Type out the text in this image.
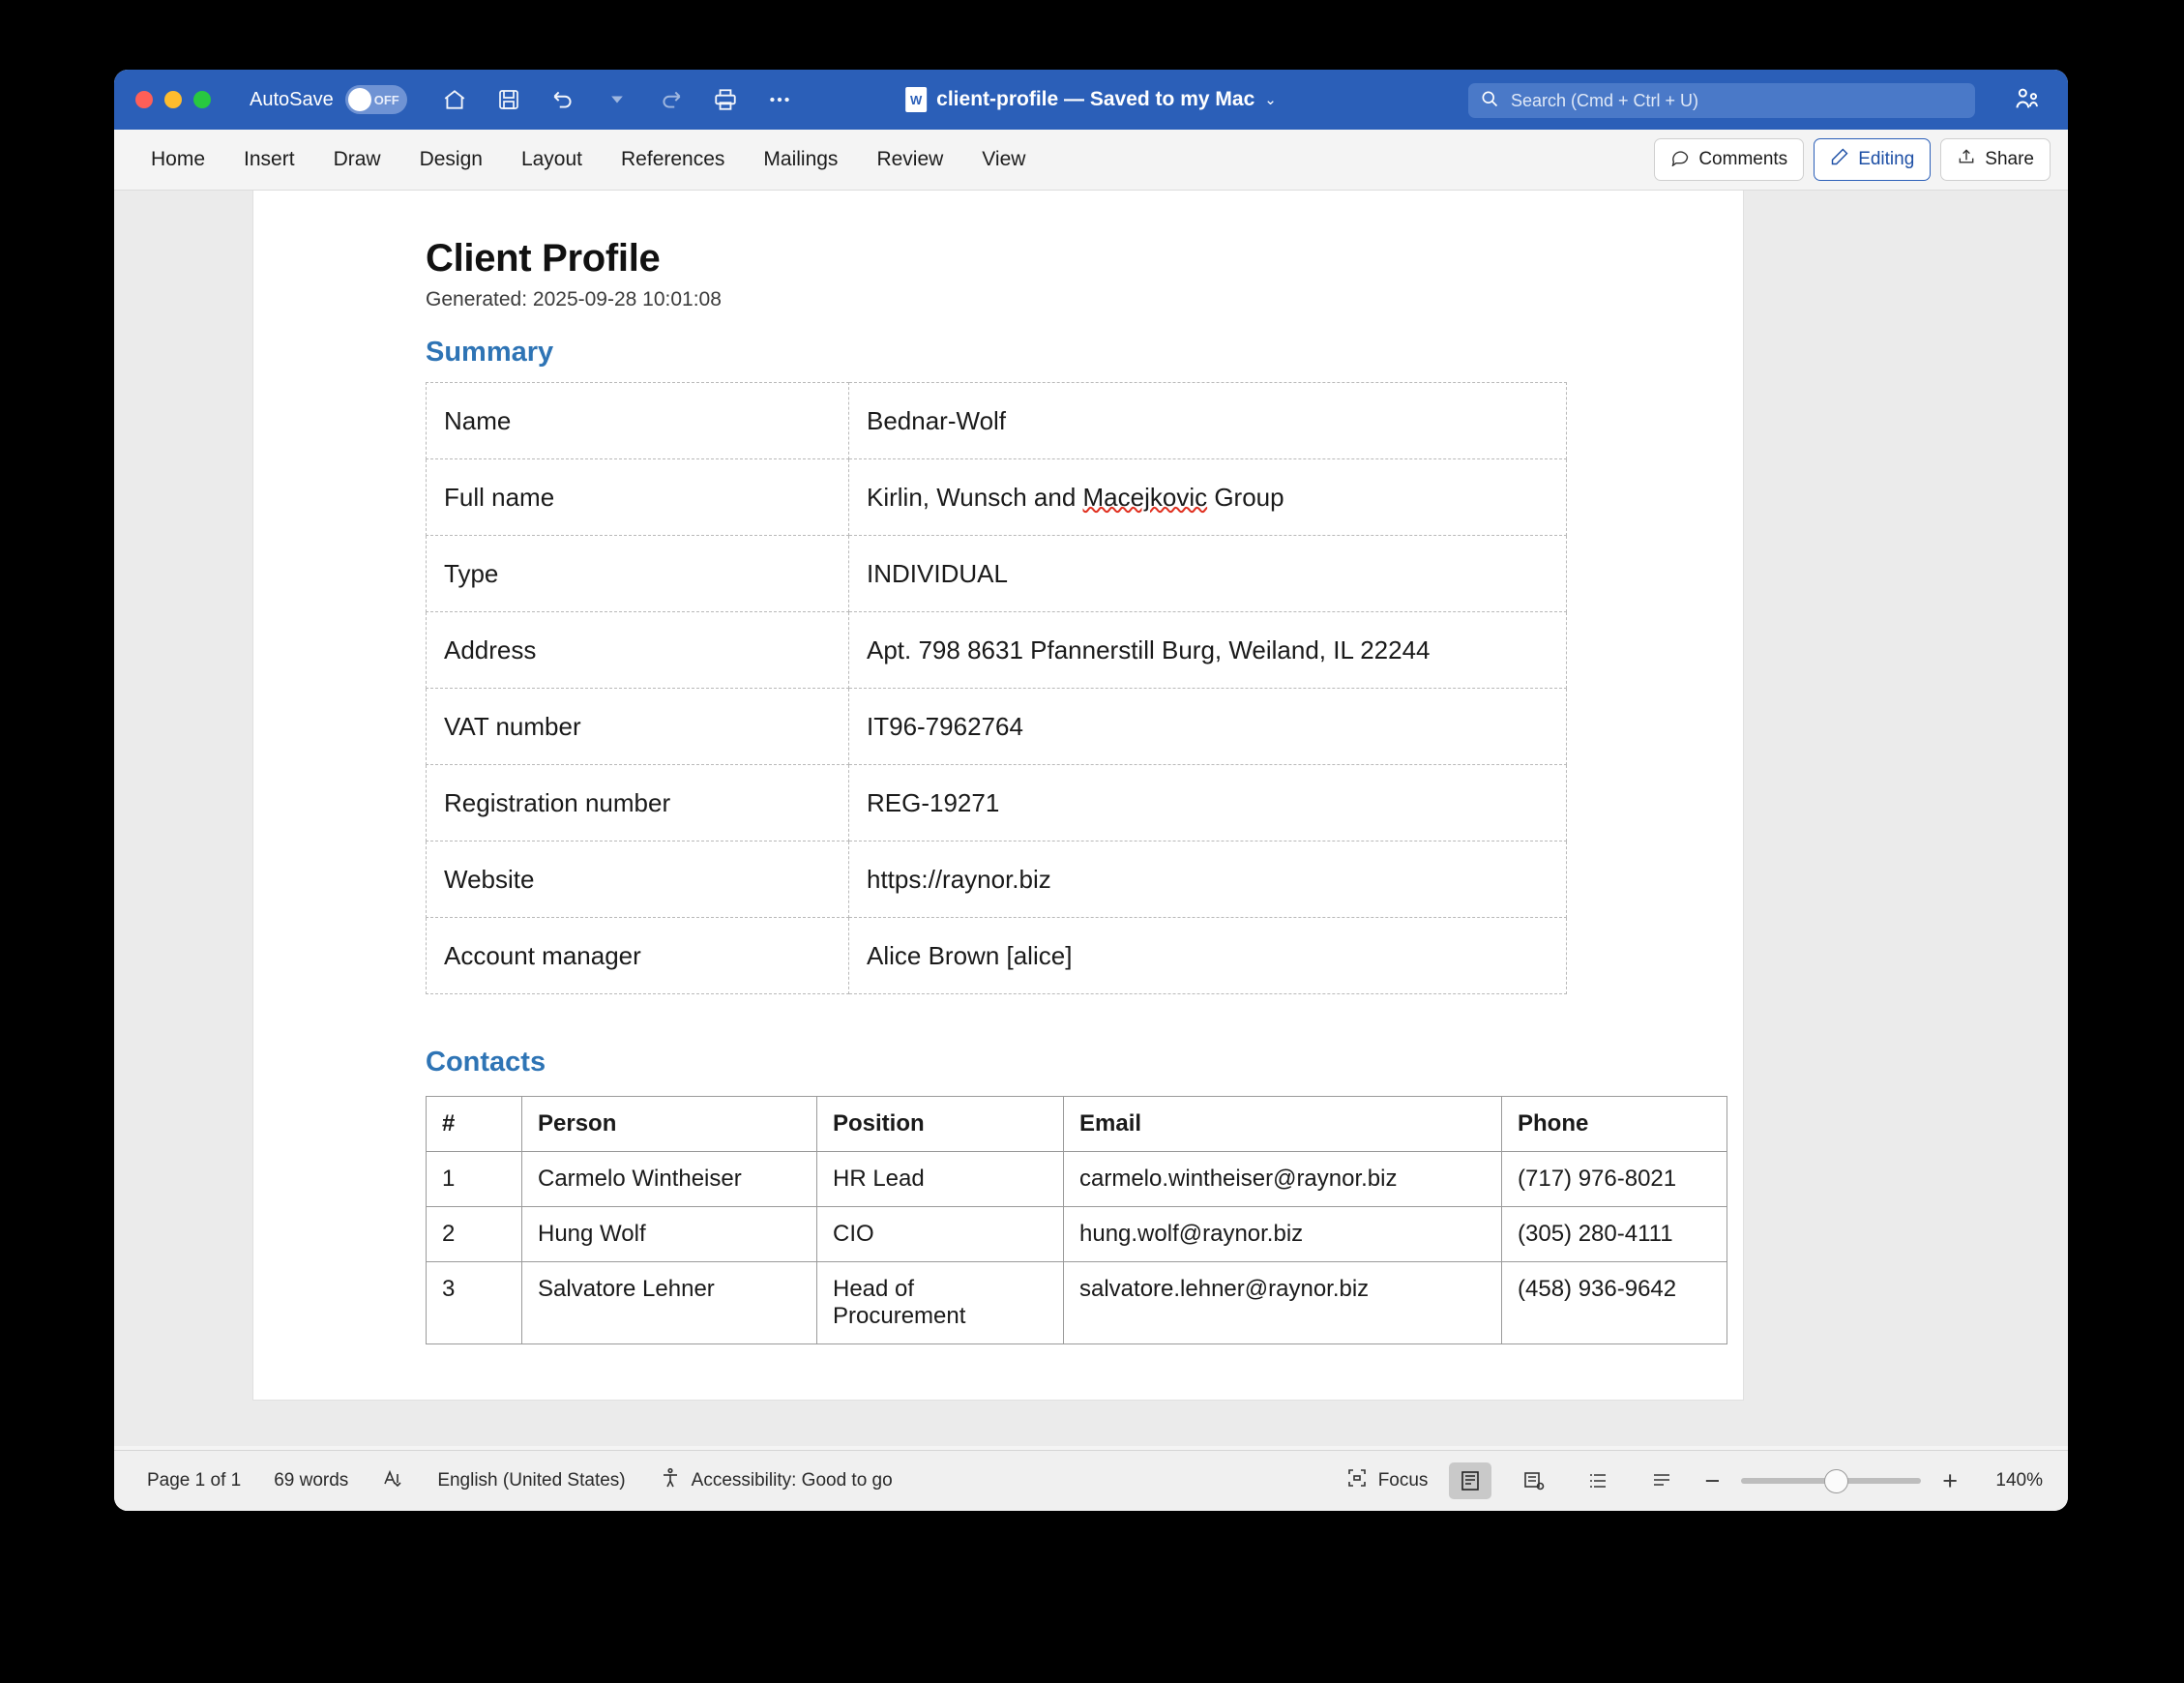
AutoSave	OFF	W client-profile — Saved to my Mac ⌄
Search (Cmd + Ctrl + U)
Home	Insert	Draw	Design	Layout	References	Mailings	Review	View	Comments	Editing	Share
Client Profile
Generated: 2025-09-28 10:01:08
Summary
Name	Bednar-Wolf
Full name	Kirlin, Wunsch and Macejkovic Group
Type	INDIVIDUAL
Address	Apt. 798 8631 Pfannerstill Burg, Weiland, IL 22244
VAT number	IT96-7962764
Registration number	REG-19271
Website	https://raynor.biz
Account manager	Alice Brown [alice]
Contacts
#	Person	Position	Email	Phone
1	Carmelo Wintheiser	HR Lead	carmelo.wintheiser@raynor.biz	(717) 976-8021
2	Hung Wolf	CIO	hung.wolf@raynor.biz	(305) 280-4111
3	Salvatore Lehner	Head of Procurement	salvatore.lehner@raynor.biz	(458) 936-9642
Page 1 of 1 69 words	English (United States)	Accessibility: Good to go	Focus	−	+	140%
